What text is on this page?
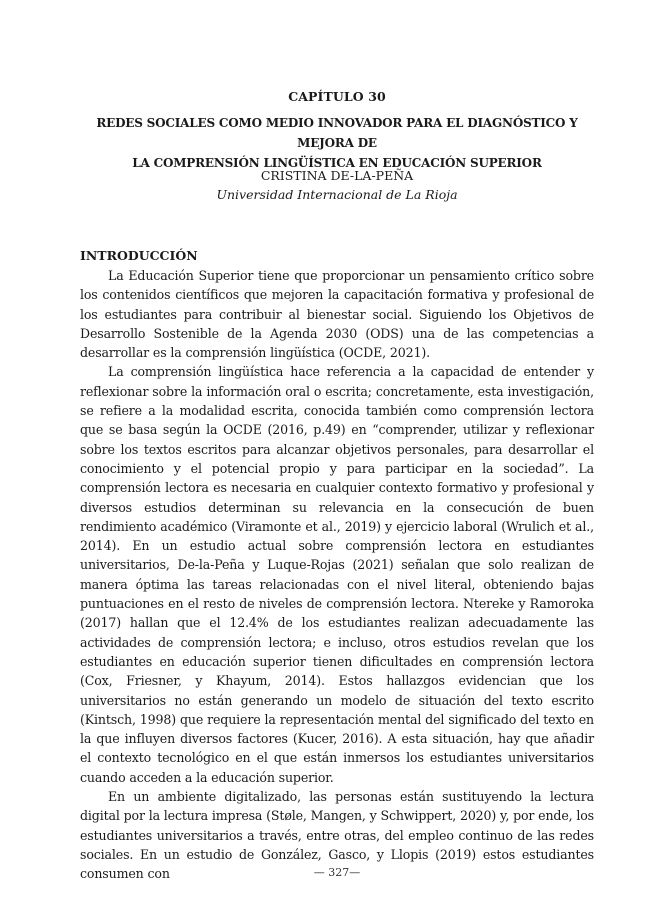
CAPÍTULO 30
REDES SOCIALES COMO MEDIO INNOVADOR PARA EL DIAGNÓSTICO Y MEJORA DE
LA COMPRENSIÓN LINGÜÍSTICA EN EDUCACIÓN SUPERIOR
CRISTINA DE-LA-PEÑA
Universidad Internacional de La Rioja
INTRODUCCIÓN

La Educación Superior tiene que proporcionar un pensamiento crítico sobre los contenidos científicos que mejoren la capacitación formativa y profesional de los estudiantes para contribuir al bienestar social. Siguiendo los Objetivos de Desarrollo Sostenible de la Agenda 2030 (ODS) una de las competencias a desarrollar es la comprensión lingüística (OCDE, 2021).

La comprensión lingüística hace referencia a la capacidad de entender y reflexionar sobre la información oral o escrita; concretamente, esta investigación, se refiere a la modalidad escrita, conocida también como comprensión lectora que se basa según la OCDE (2016, p.49) en “comprender, utilizar y reflexionar sobre los textos escritos para alcanzar objetivos personales, para desarrollar el conocimiento y el potencial propio y para participar en la sociedad”. La comprensión lectora es necesaria en cualquier contexto formativo y profesional y diversos estudios determinan su relevancia en la consecución de buen rendimiento académico (Viramonte et al., 2019) y ejercicio laboral (Wrulich et al., 2014). En un estudio actual sobre comprensión lectora en estudiantes universitarios, De-la-Peña y Luque-Rojas (2021) señalan que solo realizan de manera óptima las tareas relacionadas con el nivel literal, obteniendo bajas puntuaciones en el resto de niveles de comprensión lectora. Ntereke y Ramoroka (2017) hallan que el 12.4% de los estudiantes realizan adecuadamente las actividades de comprensión lectora; e incluso, otros estudios revelan que los estudiantes en educación superior tienen dificultades en comprensión lectora (Cox, Friesner, y Khayum, 2014). Estos hallazgos evidencian que los universitarios no están generando un modelo de situación del texto escrito (Kintsch, 1998) que requiere la representación mental del significado del texto en la que influyen diversos factores (Kucer, 2016). A esta situación, hay que añadir el contexto tecnológico en el que están inmersos los estudiantes universitarios cuando acceden a la educación superior.

En un ambiente digitalizado, las personas están sustituyendo la lectura digital por la lectura impresa (Støle, Mangen, y Schwippert, 2020) y, por ende, los estudiantes universitarios a través, entre otras, del empleo continuo de las redes sociales. En un estudio de González, Gasco, y Llopis (2019) estos estudiantes consumen con	— 327—
